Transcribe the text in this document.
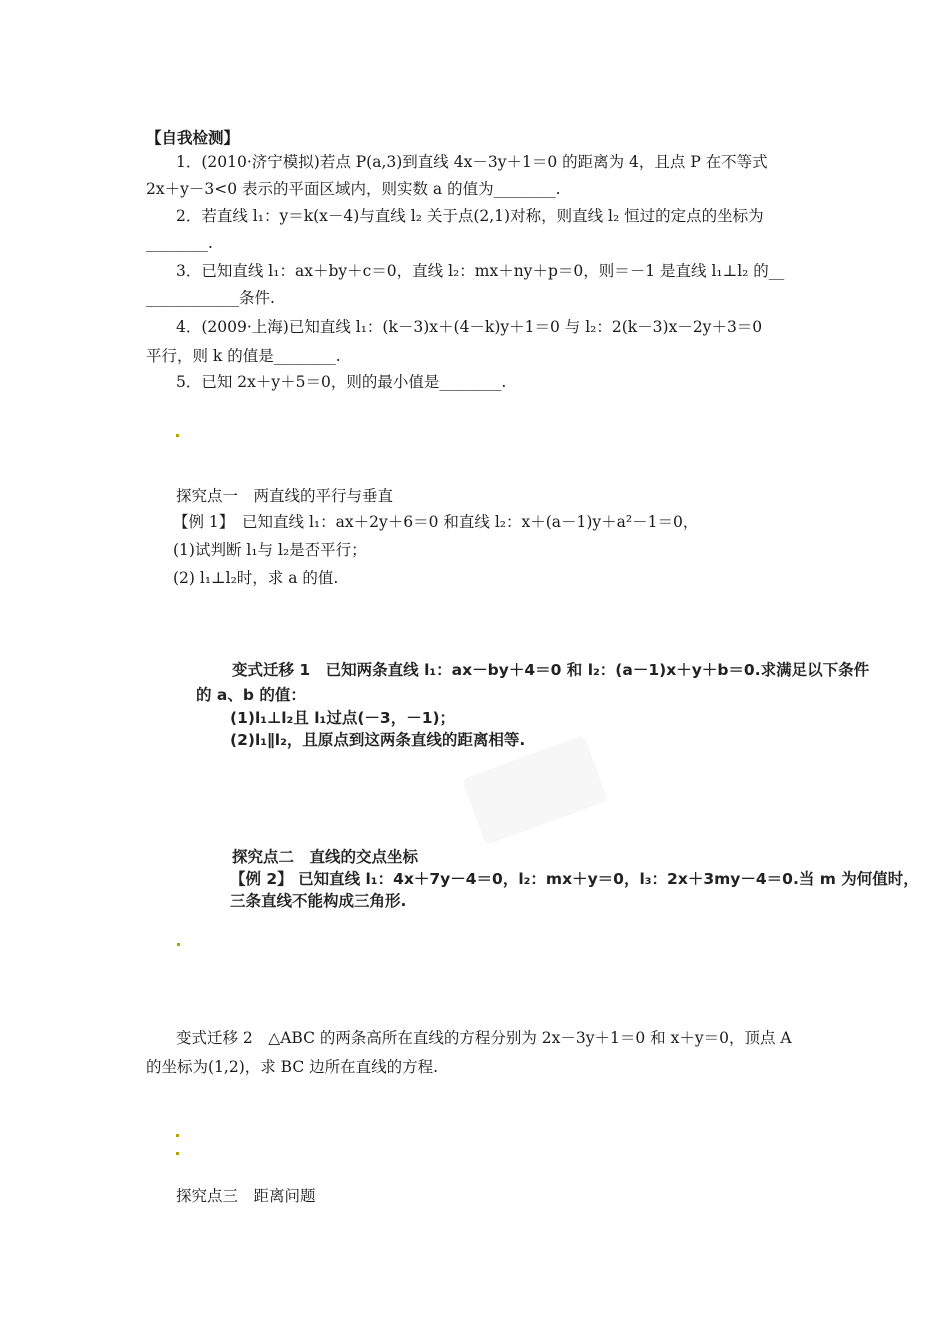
【自我检测】
1．(2010·济宁模拟)若点 P(a,3)到直线 4x－3y＋1＝0 的距离为 4，且点 P 在不等式
2x＋y－3<0 表示的平面区域内，则实数 a 的值为________.
2．若直线 l₁：y＝k(x－4)与直线 l₂ 关于点(2,1)对称，则直线 l₂ 恒过的定点的坐标为
________.
3．已知直线 l₁：ax＋by＋c＝0，直线 l₂：mx＋ny＋p＝0，则＝－1 是直线 l₁⊥l₂ 的__
____________条件.
4．(2009·上海)已知直线 l₁：(k－3)x＋(4－k)y＋1＝0 与 l₂：2(k－3)x－2y＋3＝0
平行，则 k 的值是________.
5．已知 2x＋y＋5＝0，则的最小值是________.
探究点一　两直线的平行与垂直
【例 1】　已知直线 l₁：ax＋2y＋6＝0 和直线 l₂：x＋(a－1)y＋a²－1＝0，
(1)试判断 l₁与 l₂是否平行；
(2) l₁⊥l₂时，求 a 的值.
变式迁移 1　已知两条直线 l₁：ax－by＋4＝0 和 l₂：(a－1)x＋y＋b＝0.求满足以下条件
的 a、b 的值：
(1)l₁⊥l₂且 l₁过点(－3，－1)；
(2)l₁∥l₂，且原点到这两条直线的距离相等.
探究点二　直线的交点坐标
【例 2】 已知直线 l₁：4x＋7y－4＝0，l₂：mx＋y＝0，l₃：2x＋3my－4＝0.当 m 为何值时，
三条直线不能构成三角形.
变式迁移 2　△ABC 的两条高所在直线的方程分别为 2x－3y＋1＝0 和 x＋y＝0，顶点 A
的坐标为(1,2)，求 BC 边所在直线的方程.
探究点三　距离问题
